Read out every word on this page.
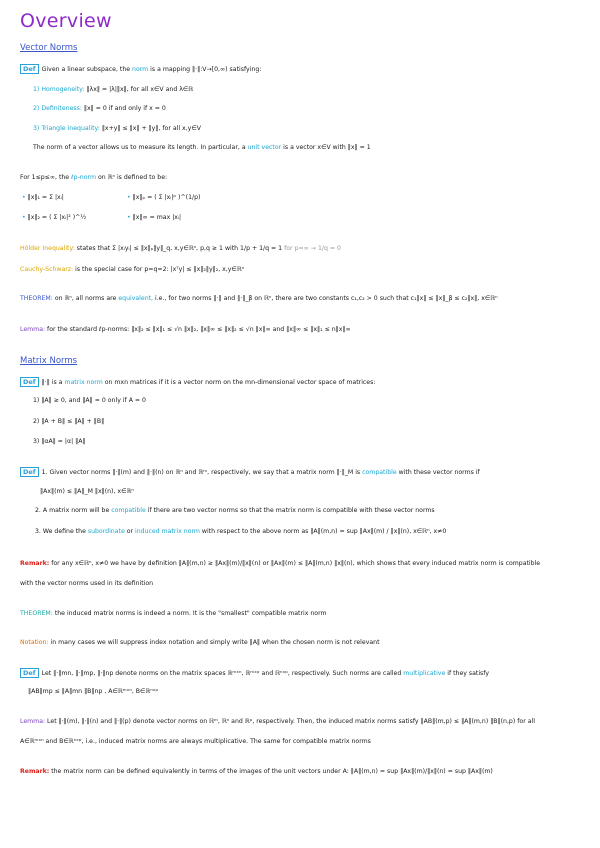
Overview
Vector Norms
Def Given a linear subspace, the norm is a mapping ‖·‖:V→[0,∞) satisfying:
1) Homogeneity: ‖λx‖ = |λ|‖x‖, for all x∈V and λ∈ℝ
2) Definiteness: ‖x‖ = 0 if and only if x = 0
3) Triangle inequality: ‖x+y‖ ≤ ‖x‖ + ‖y‖, for all x,y∈V
The norm of a vector allows us to measure its length. In particular, a unit vector is a vector x∈V with ‖x‖ = 1
For 1≤p≤∞, the ℓp-norm on ℝⁿ is defined to be:
• ‖x‖₁ = Σ |xᵢ|	• ‖x‖ₚ = ( Σ |xᵢ|ᵖ )^(1/p)
• ‖x‖₂ = ( Σ |xᵢ|² )^½	• ‖x‖∞ = max |xᵢ|
Hölder Inequality: states that Σ |xᵢyᵢ| ≤ ‖x‖ₚ‖y‖_q, x,y∈ℝⁿ, p,q ≥ 1 with 1/p + 1/q = 1 for p=∞ → 1/q = 0
Cauchy-Schwarz: is the special case for p=q=2: |xᵀy| ≤ ‖x‖₂‖y‖₂, x,y∈ℝⁿ
THEOREM: on ℝⁿ, all norms are equivalent, i.e., for two norms ‖·‖ and ‖·‖_β on ℝⁿ, there are two constants c₁,c₂ > 0 such that c₁‖x‖ ≤ ‖x‖_β ≤ c₂‖x‖, x∈ℝⁿ
Lemma: for the standard ℓp-norms: ‖x‖₂ ≤ ‖x‖₁ ≤ √n ‖x‖₂, ‖x‖∞ ≤ ‖x‖₂ ≤ √n ‖x‖∞ and ‖x‖∞ ≤ ‖x‖₁ ≤ n‖x‖∞
Matrix Norms
Def ‖·‖ is a matrix norm on mxn matrices if it is a vector norm on the mn-dimensional vector space of matrices:
1) ‖A‖ ≥ 0, and ‖A‖ = 0 only if A = 0
2) ‖A + B‖ ≤ ‖A‖ + ‖B‖
3) ‖αA‖ = |α| ‖A‖
Def 1. Given vector norms ‖·‖(m) and ‖·‖(n) on ℝⁿ and ℝᵐ, respectively, we say that a matrix norm ‖·‖_M is compatible with these vector norms if
‖Ax‖(m) ≤ ‖A‖_M ‖x‖(n), x∈ℝⁿ
2. A matrix norm will be compatible if there are two vector norms so that the matrix norm is compatible with these vector norms
3. We define the subordinate or induced matrix norm with respect to the above norm as ‖A‖(m,n) = sup ‖Ax‖(m) / ‖x‖(n), x∈ℝⁿ, x≠0
Remark: for any x∈ℝⁿ, x≠0 we have by definition ‖A‖(m,n) ≥ ‖Ax‖(m)/‖x‖(n) or ‖Ax‖(m) ≤ ‖A‖(m,n) ‖x‖(n), which shows that every induced matrix norm is compatible
with the vector norms used in its definition
THEOREM: the induced matrix norms is indeed a norm. It is the "smallest" compatible matrix norm
Notation: in many cases we will suppress index notation and simply write ‖A‖ when the chosen norm is not relevant
Def Let ‖·‖mn, ‖·‖mp, ‖·‖np denote norms on the matrix spaces ℝᵐˣⁿ, ℝᵐˣᵖ and ℝⁿˣᵖ, respectively. Such norms are called multiplicative if they satisfy
‖AB‖mp ≤ ‖A‖mn ‖B‖np , A∈ℝᵐˣⁿ, B∈ℝⁿˣᵖ
Lemma: Let ‖·‖(m), ‖·‖(n) and ‖·‖(p) denote vector norms on ℝᵐ, ℝⁿ and ℝᵖ, respectively. Then, the induced matrix norms satisfy ‖AB‖(m,p) ≤ ‖A‖(m,n) ‖B‖(n,p) for all
A∈ℝᵐˣⁿ and B∈ℝⁿˣᵖ, i.e., induced matrix norms are always multiplicative. The same for compatible matrix norms
Remark: the matrix norm can be defined equivalently in terms of the images of the unit vectors under A: ‖A‖(m,n) = sup ‖Ax‖(m)/‖x‖(n) = sup ‖Ax‖(m)
